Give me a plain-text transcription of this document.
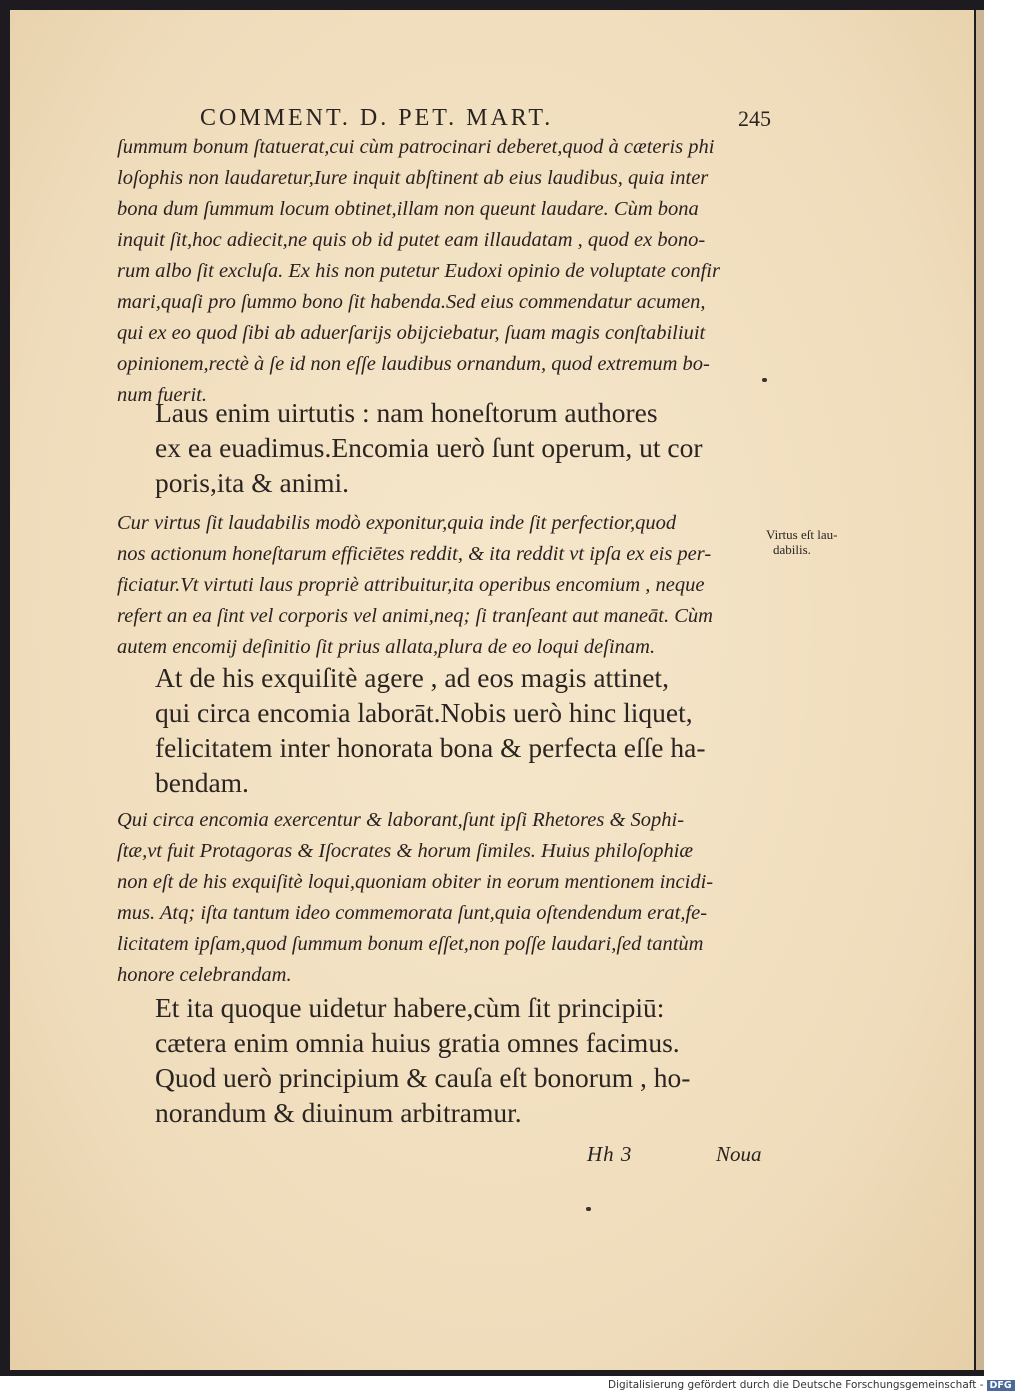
COMMENT. D. PET. MART.	245
ſummum bonum ſtatuerat,cui cùm patrocinari deberet,quod à cæteris phi
loſophis non laudaretur,Iure inquit abſtinent ab eius laudibus, quia inter
bona dum ſummum locum obtinet,illam non queunt laudare. Cùm bona
inquit ſit,hoc adiecit,ne quis ob id putet eam illaudatam , quod ex bono-
rum albo ſit excluſa. Ex his non putetur Eudoxi opinio de voluptate confir
mari,quaſi pro ſummo bono ſit habenda.Sed eius commendatur acumen,
qui ex eo quod ſibi ab aduerſarijs obijciebatur, ſuam magis conſtabiliuit
opinionem,rectè à ſe id non eſſe laudibus ornandum, quod extremum bo-
num fuerit.
Laus enim uirtutis : nam honeſtorum authores
ex ea euadimus.Encomia uerò ſunt operum, ut cor
poris,ita & animi.
Cur virtus ſit laudabilis modò exponitur,quia inde ſit perfectior,quod
nos actionum honeſtarum efficiētes reddit, & ita reddit vt ipſa ex eis per-
ficiatur.Vt virtuti laus propriè attribuitur,ita operibus encomium , neque
refert an ea ſint vel corporis vel animi,neq; ſi tranſeant aut maneāt. Cùm
autem encomij deſinitio ſit prius allata,plura de eo loqui deſinam.
Virtus eſt lau-
dabilis.
At de his exquiſitè agere , ad eos magis attinet,
qui circa encomia laborāt.Nobis uerò hinc liquet,
felicitatem inter honorata bona & perfecta eſſe ha-
bendam.
Qui circa encomia exercentur & laborant,ſunt ipſi Rhetores & Sophi-
ſtæ,vt fuit Protagoras & Iſocrates & horum ſimiles. Huius philoſophiæ
non eſt de his exquiſitè loqui,quoniam obiter in eorum mentionem incidi-
mus. Atq; iſta tantum ideo commemorata ſunt,quia oſtendendum erat,fe-
licitatem ipſam,quod ſummum bonum eſſet,non poſſe laudari,ſed tantùm
honore celebrandam.
Et ita quoque uidetur habere,cùm ſit principiū:
cætera enim omnia huius gratia omnes facimus.
Quod uerò principium & cauſa eſt bonorum , ho-
norandum & diuinum arbitramur.
Hh 3	Noua
Digitalisierung gefördert durch die Deutsche Forschungsgemeinschaft - DFG
